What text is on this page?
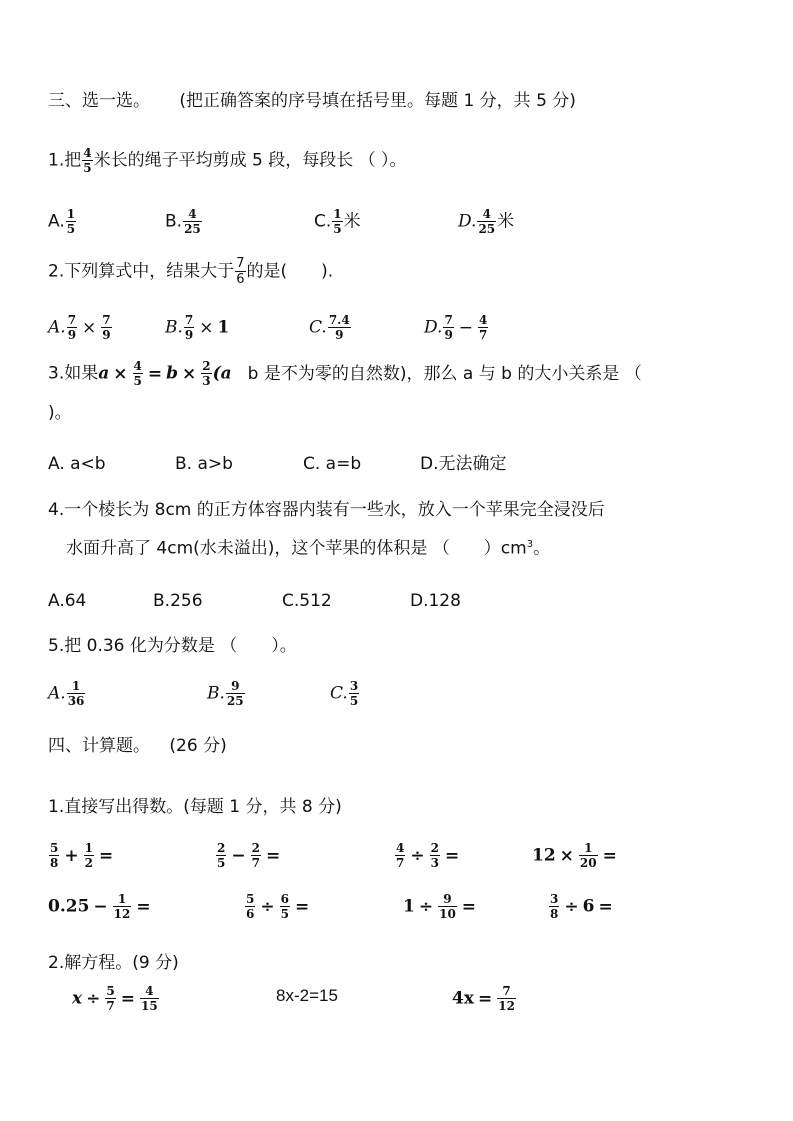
三、选一选。 (把正确答案的序号填在括号里。每题 1 分，共 5 分)
1.把 $\frac{4}{5}$ 米长的绳子平均剪成 5 段，每段长 （ ）。
A. $\frac{1}{5}$	B. $\frac{4}{25}$	C. $\frac{1}{5}$ 米	D. $\frac{4}{25}$ 米
2.下列算式中，结果大于 $\frac{7}{6}$ 的是(　　).
A. $\frac{7}{9} \times \frac{7}{9}$	B. $\frac{7}{9} \times 1$	C. $\frac{7.4}{9}$	D. $\frac{7}{9} - \frac{4}{7}$
3.如果$a \times \frac{4}{5} = b \times \frac{2}{3} (a$ b 是不为零的自然数)，那么 a 与 b 的大小关系是 （
)。
A. a<b	B. a>b	C. a=b	D.无法确定
4.一个棱长为 8cm 的正方体容器内装有一些水，放入一个苹果完全浸没后
水面升高了 4cm(水未溢出)，这个苹果的体积是 （　　）$cm^3$。
A.64	B.256	C.512	D.128
5.把 0.36 化为分数是 （　　）。
A. $\frac{1}{36}$	B. $\frac{9}{25}$	C. $\frac{3}{5}$
四、计算题。 (26 分)
1.直接写出得数。(每题 1 分，共 8 分)
$\frac{5}{8} + \frac{1}{2}$ =	$\frac{2}{5} - \frac{2}{7}$ =	$\frac{4}{7} \div \frac{2}{3}$ =	$12 \times \frac{1}{20}$ =
$0.25 - \frac{1}{12}$ =	$\frac{5}{6} \div \frac{6}{5}$ =	$1 \div \frac{9}{10}$ =	$\frac{3}{8} \div 6$ =
2.解方程。(9 分)
$x \div \frac{5}{7} = \frac{4}{15}$	8x-2=15	$4x = \frac{7}{12}$
